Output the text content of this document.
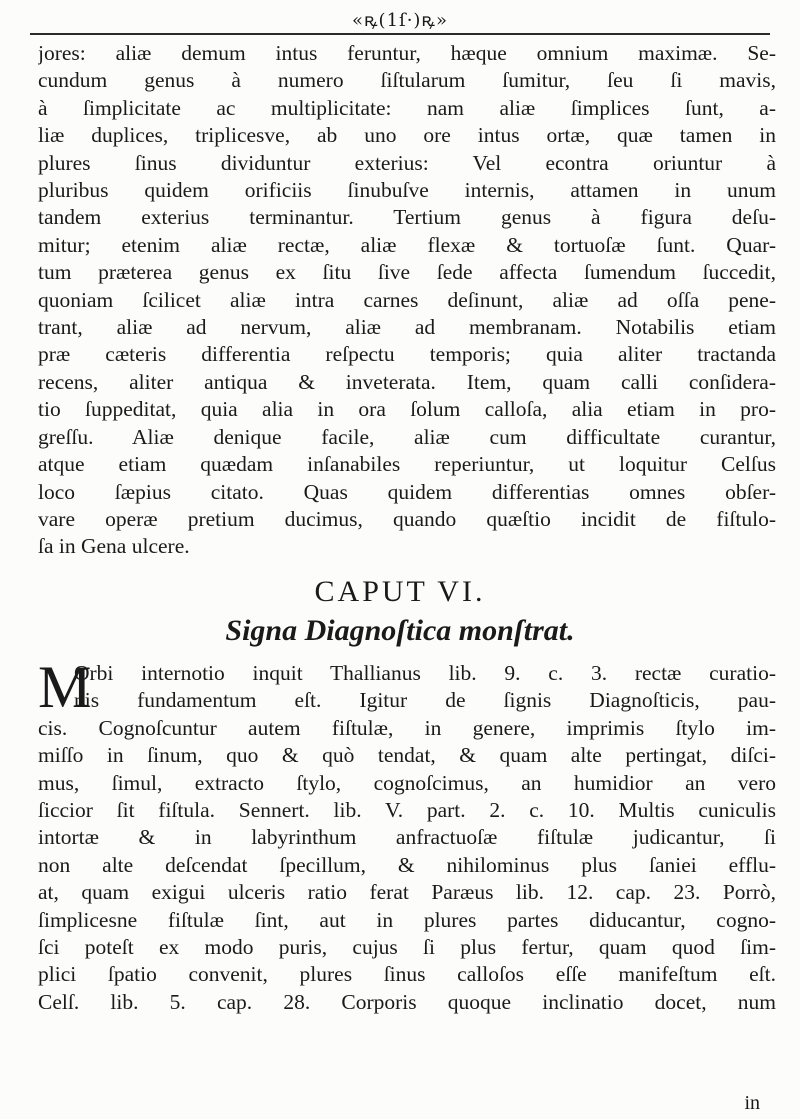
«ꝶ(1ſ·)ꝶ»

jores: aliæ demum intus feruntur, hæque omnium maximæ. Se-

cundum genus à numero ſiſtularum ſumitur, ſeu ſi mavis,

à ſimplicitate ac multiplicitate: nam aliæ ſimplices ſunt, a-

liæ duplices, triplicesve, ab uno ore intus ortæ, quæ tamen in

plures ſinus dividuntur exterius: Vel econtra oriuntur à

pluribus quidem orificiis ſinubuſve internis, attamen in unum

tandem exterius terminantur. Tertium genus à figura deſu-

mitur; etenim aliæ rectæ, aliæ flexæ & tortuoſæ ſunt. Quar-

tum præterea genus ex ſitu ſive ſede affecta ſumendum ſuccedit,

quoniam ſcilicet aliæ intra carnes deſinunt, aliæ ad oſſa pene-

trant, aliæ ad nervum, aliæ ad membranam. Notabilis etiam

præ cæteris differentia reſpectu temporis; quia aliter tractanda

recens, aliter antiqua & inveterata. Item, quam calli conſidera-

tio ſuppeditat, quia alia in ora ſolum calloſa, alia etiam in pro-

greſſu. Aliæ denique facile, aliæ cum difficultate curantur,

atque etiam quædam inſanabiles reperiuntur, ut loquitur Celſus

loco ſæpius citato. Quas quidem differentias omnes obſer-

vare operæ pretium ducimus, quando quæſtio incidit de fiſtulo-

ſa in Gena ulcere.

CAPUT VI.
Signa Diagnoſtica monſtrat.
M

Orbi internotio inquit Thallianus lib. 9. c. 3. rectæ curatio-

nis fundamentum eſt. Igitur de ſignis Diagnoſticis, pau-

cis. Cognoſcuntur autem fiſtulæ, in genere, imprimis ſtylo im-

miſſo in ſinum, quo & quò tendat, & quam alte pertingat, diſci-

mus, ſimul, extracto ſtylo, cognoſcimus, an humidior an vero

ſiccior ſit fiſtula. Sennert. lib. V. part. 2. c. 10. Multis cuniculis

intortæ & in labyrinthum anfractuoſæ fiſtulæ judicantur, ſi

non alte deſcendat ſpecillum, & nihilominus plus ſaniei efflu-

at, quam exigui ulceris ratio ferat Paræus lib. 12. cap. 23. Porrò,

ſimplicesne fiſtulæ ſint, aut in plures partes diducantur, cogno-

ſci poteſt ex modo puris, cujus ſi plus fertur, quam quod ſim-

plici ſpatio convenit, plures ſinus calloſos eſſe manifeſtum eſt.

Celſ. lib. 5. cap. 28. Corporis quoque inclinatio docet, num

in
